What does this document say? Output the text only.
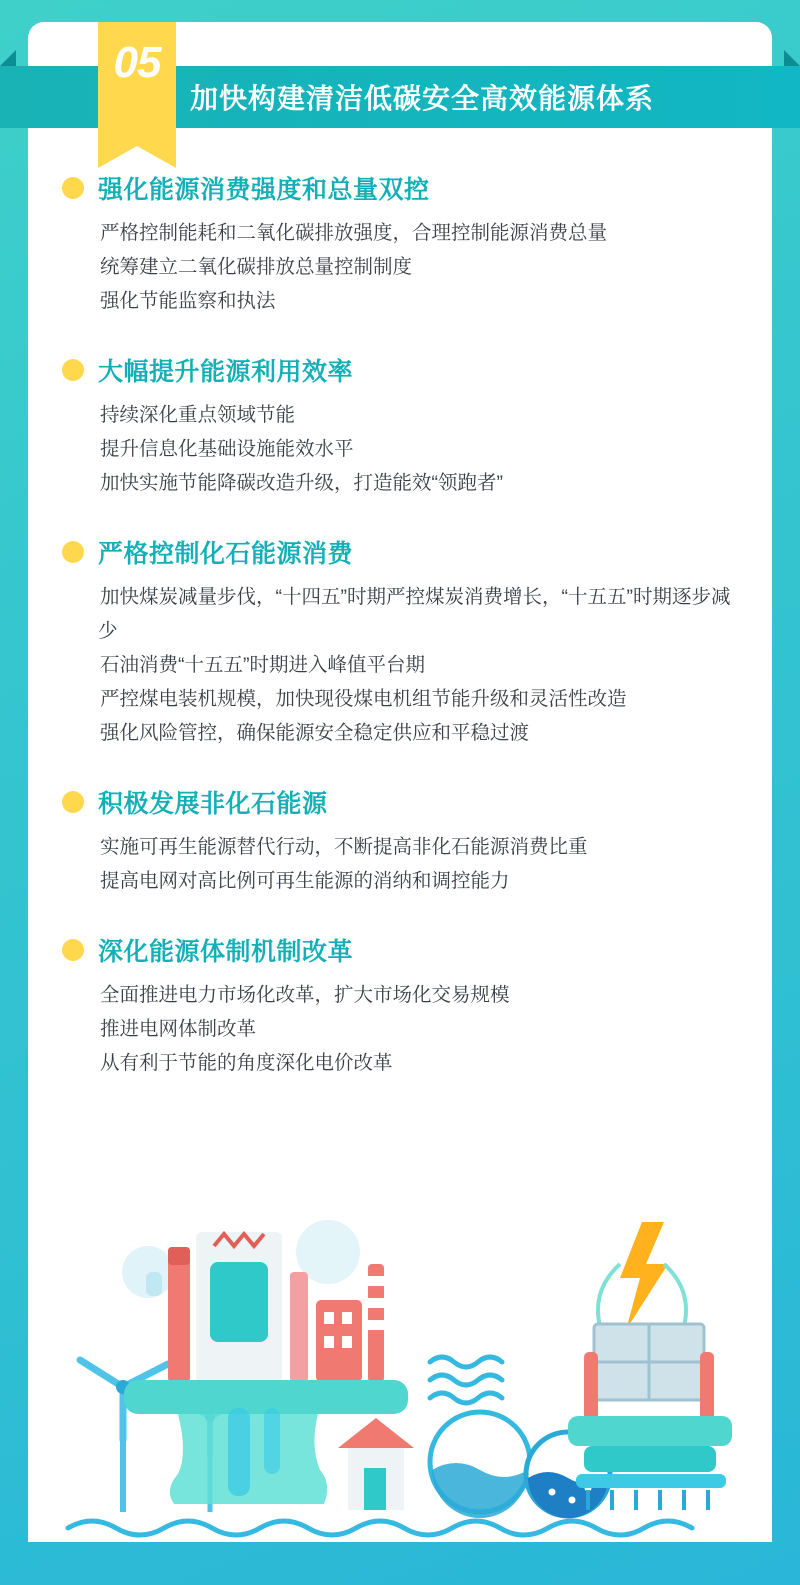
加快构建清洁低碳安全高效能源体系
05
强化能源消费强度和总量双控
严格控制能耗和二氧化碳排放强度，合理控制能源消费总量
统筹建立二氧化碳排放总量控制制度
强化节能监察和执法
大幅提升能源利用效率
持续深化重点领域节能
提升信息化基础设施能效水平
加快实施节能降碳改造升级，打造能效“领跑者”
严格控制化石能源消费
加快煤炭减量步伐，“十四五”时期严控煤炭消费增长，“十五五”时期逐步减少
石油消费“十五五”时期进入峰值平台期
严控煤电装机规模，加快现役煤电机组节能升级和灵活性改造
强化风险管控，确保能源安全稳定供应和平稳过渡
积极发展非化石能源
实施可再生能源替代行动，不断提高非化石能源消费比重
提高电网对高比例可再生能源的消纳和调控能力
深化能源体制机制改革
全面推进电力市场化改革，扩大市场化交易规模
推进电网体制改革
从有利于节能的角度深化电价改革
